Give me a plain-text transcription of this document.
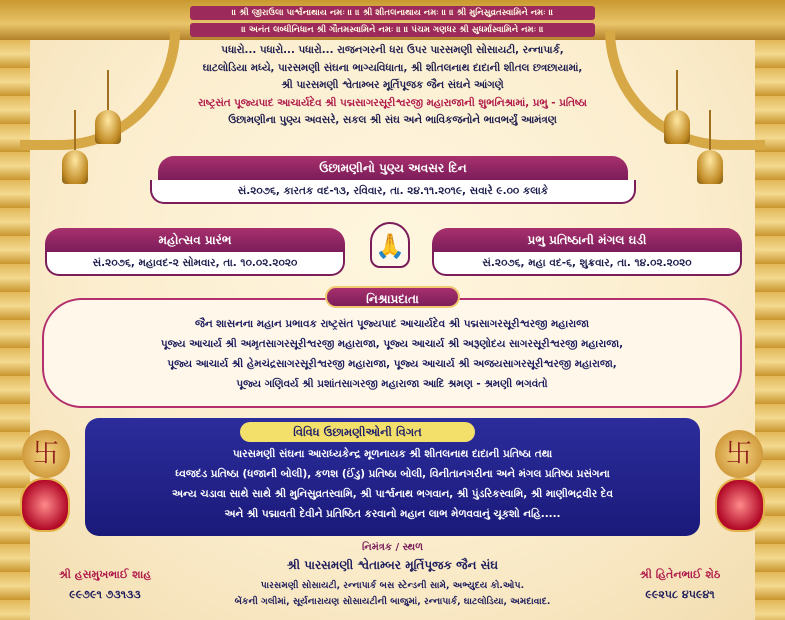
॥ શ્રી જીરાઉલા પાર્શ્વનાથાય નમઃ ॥ ॥ શ્રી શીતલનાથાય નમઃ ॥ ॥ શ્રી મુનિસુવ્રતસ્વામિને નમઃ ॥
॥ અનંત લબ્ધીનિધાન શ્રી ગૌતમસ્વામિને નમઃ ॥ ॥ પંચમ ગણધર શ્રી સુધર્માસ્વામિને નમઃ ॥
પધારો... પધારો... પધારો... રાજનગરની ધરા ઉપર પારસમણી સોસાયટી, રન્નાપાર્ક,
ઘાટલોડિયા મધ્યે, પારસમણી સંઘના ભાગ્યવિધાતા, શ્રી શીતલનાથ દાદાની શીતલ છત્રછાયામાં,
શ્રી પારસમણી શ્વેતામ્બર મૂર્તિપૂજક જૈન સંઘને આંગણે
રાષ્ટ્રસંત પૂજ્યપાદ આચાર્યદેવ શ્રી પદ્મસાગરસૂરીશ્વરજી મહારાજાની શુભનિશ્રામાં, પ્રભુ - પ્રતિષ્ઠા
ઉછામણીના પુણ્ય અવસરે, સકલ શ્રી સંઘ અને ભાવિકજનોને ભાવભર્યું આમંત્રણ
ઉછામણીનો પુણ્ય અવસર દિન
સં.૨૦૭૬, કારતક વદ-૧૩, રવિવાર, તા. ૨૪.૧૧.૨૦૧૯, સવારે ૯.૦૦ કલાકે
મહોત્સવ પ્રારંભ
સં.૨૦૭૬, મહાવદ-૨ સોમવાર, તા. ૧૦.૦૨.૨૦૨૦
🙏	પ્રભુ પ્રતિષ્ઠાની મંગલ ઘડી
સં.૨૦૭૬, મહા વદ-૬, શુક્રવાર, તા. ૧૪.૦૨.૨૦૨૦
જૈન શાસનના મહાન પ્રભાવક રાષ્ટ્રસંત પૂજ્યપાદ આચાર્યદેવ શ્રી પદ્મસાગરસૂરીશ્વરજી મહારાજા
પૂજ્ય આચાર્ય શ્રી અમૃતસાગરસૂરીશ્વરજી મહારાજા, પૂજ્ય આચાર્ય શ્રી અરૂણોદય સાગરસૂરીશ્વરજી મહારાજા,
પૂજ્ય આચાર્ય શ્રી હેમચંદ્રસાગરસૂરીશ્વરજી મહારાજા, પૂજ્ય આચાર્ય શ્રી અજયસાગરસૂરીશ્વરજી મહારાજા,
પૂજ્ય ગણિવર્ય શ્રી પ્રશાંતસાગરજી મહારાજા આદિ શ્રમણ - શ્રમણી ભગવંતો
નિશ્રાપ્રદાતા
卐	卐
પારસમણી સંઘના આરાધ્યકેન્દ્ર મૂળનાયક શ્રી શીતલનાથ દાદાની પ્રતિષ્ઠા તથા
ધ્વજદંડ પ્રતિષ્ઠા (ધજાની બોલી), કળશ (ઈંડુ) પ્રતિષ્ઠા બોલી, વિનીતાનગરીના અને મંગલ પ્રતિષ્ઠા પ્રસંગના
અન્ય ચડાવા સાથે સાથે શ્રી મુનિસુવ્રતસ્વામિ, શ્રી પાર્શ્વનાથ ભગવાન, શ્રી પુંડરિકસ્વામિ, શ્રી માણીભદ્રવીર દેવ
અને શ્રી પદ્માવતી દેવીને પ્રતિષ્ઠિત કરવાનો મહાન લાભ મેળવવાનું ચૂકશો નહિ.....
વિવિધ ઉછામણીઓની વિગત
નિમંત્રક / સ્થળ
શ્રી પારસમણી શ્વેતામ્બર મૂર્તિપૂજક જૈન સંઘ
પારસમણી સોસાયટી, રન્નાપાર્ક બસ સ્ટેન્ડની સામે, અભ્યુદય કો.ઓપ.
બેંકની ગલીમાં, સૂર્યનારાયણ સોસાયટીની બાજુમાં, રન્નાપાર્ક, ઘાટલોડિયા, અમદાવાદ.
શ્રી હસમુખભાઈ શાહ
૯૯૭૯૧ ૭૩૧૩૩
શ્રી હિતેનભાઈ શેઠ
૯૯૨૫૮ ૪૫૯૪૧
